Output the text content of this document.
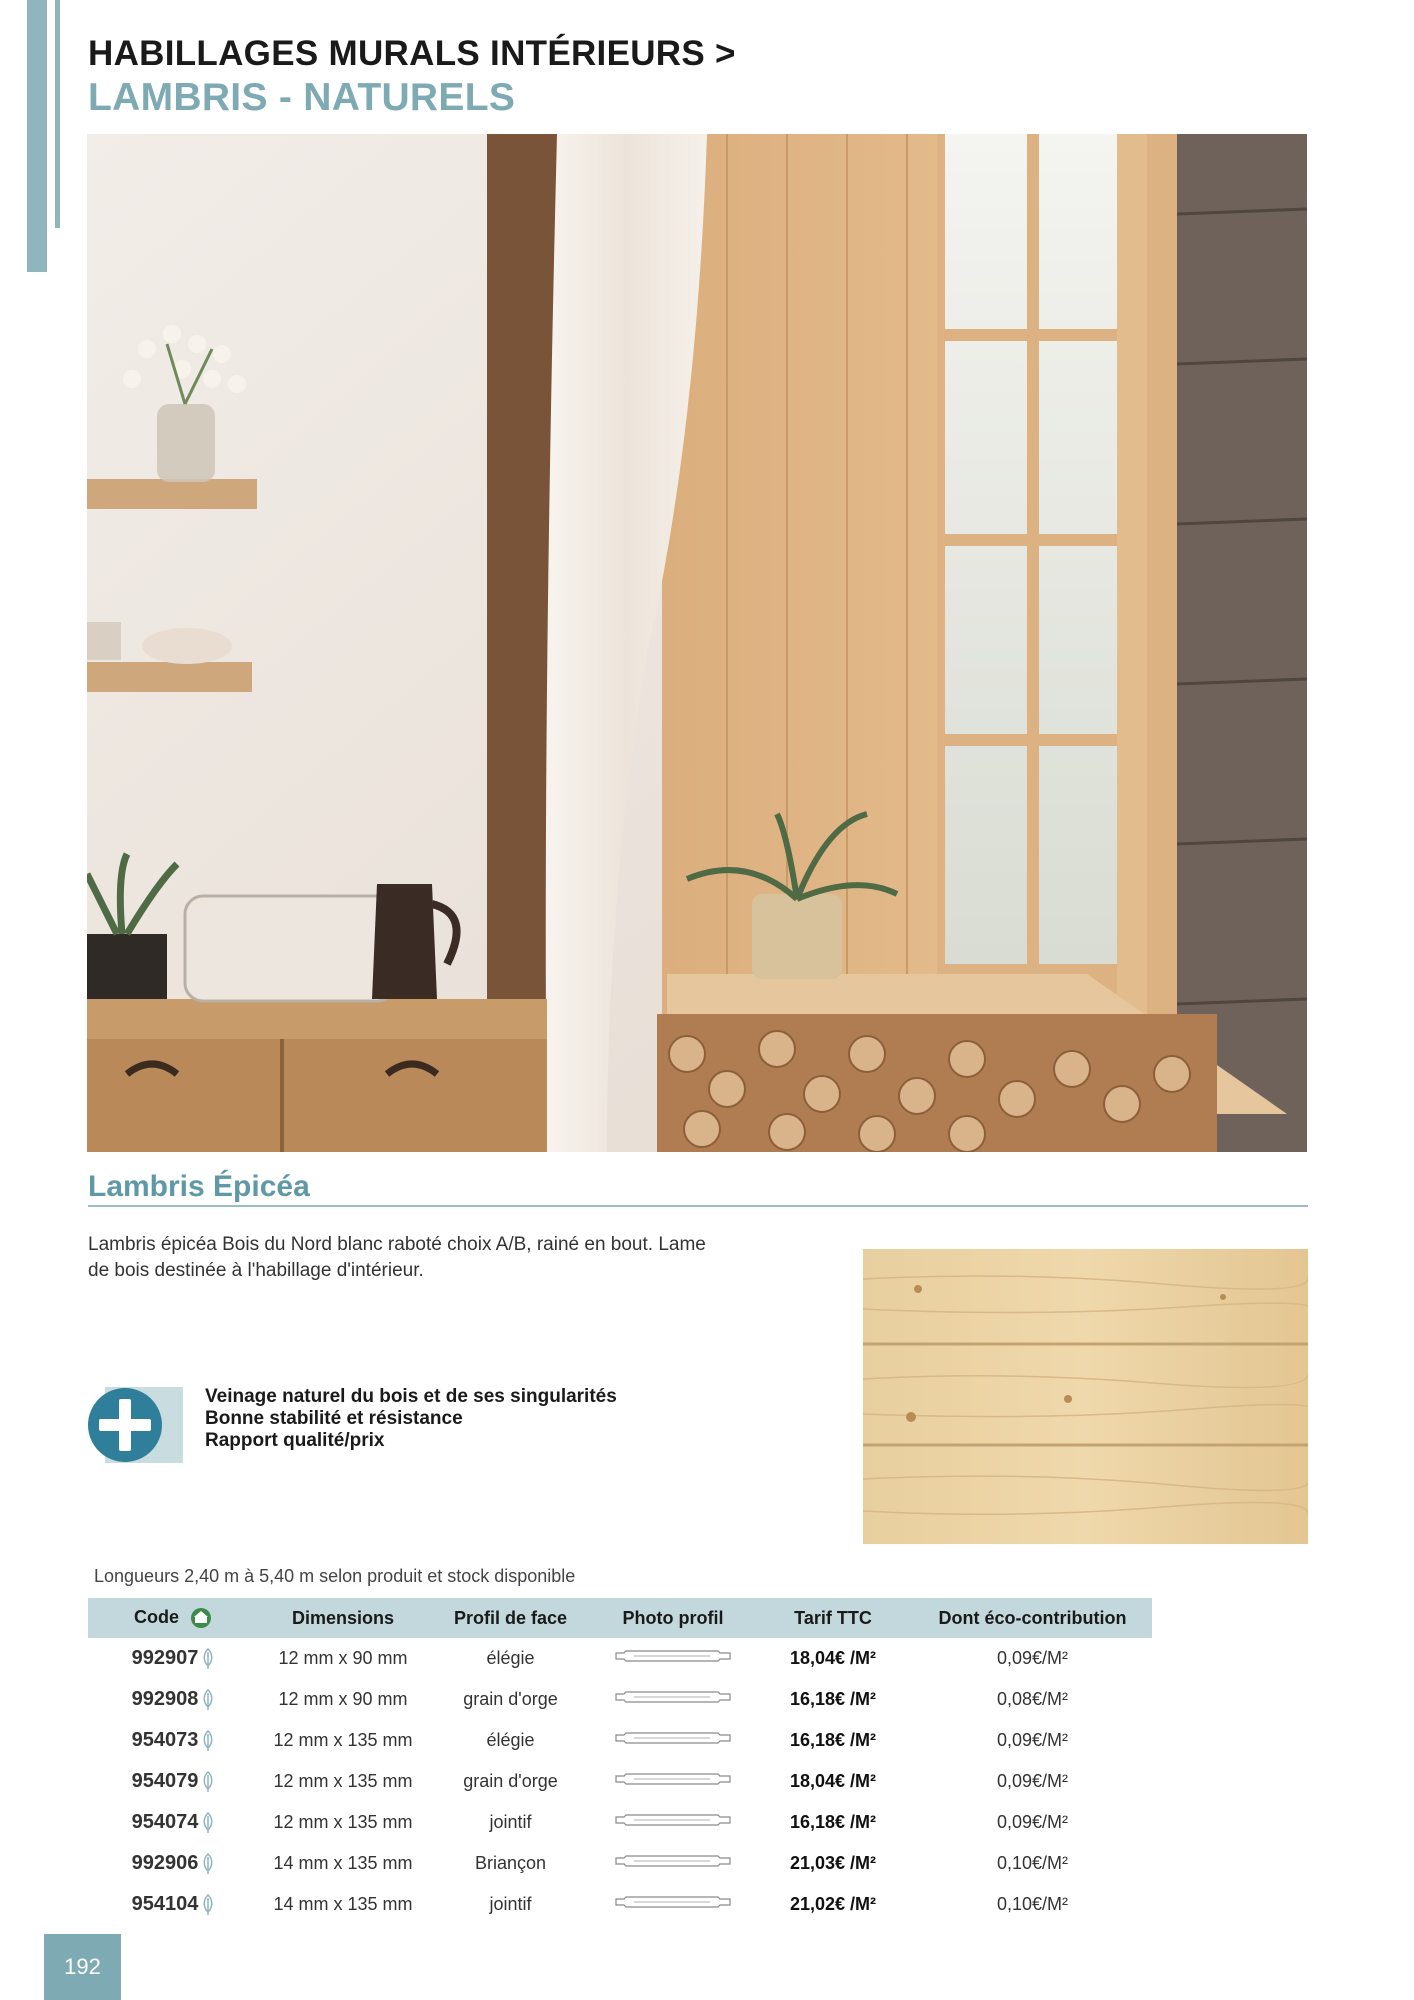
HABILLAGES MURALS INTÉRIEURS >
LAMBRIS - NATURELS
Lambris Épicéa
Lambris épicéa Bois du Nord blanc raboté choix A/B, rainé en bout. Lame de bois destinée à l'habillage d'intérieur.
Veinage naturel du bois et de ses singularités
Bonne stabilité et résistance
Rapport qualité/prix
Longueurs 2,40 m à 5,40 m selon produit et stock disponible
Code	Dimensions	Profil de face	Photo profil	Tarif TTC	Dont éco-contribution
992907	12 mm x 90 mm	élégie		18,04€ /M²	0,09€/M²
992908	12 mm x 90 mm	grain d'orge		16,18€ /M²	0,08€/M²
954073	12 mm x 135 mm	élégie		16,18€ /M²	0,09€/M²
954079	12 mm x 135 mm	grain d'orge		18,04€ /M²	0,09€/M²
954074	12 mm x 135 mm	jointif		16,18€ /M²	0,09€/M²
992906	14 mm x 135 mm	Briançon		21,03€ /M²	0,10€/M²
954104	14 mm x 135 mm	jointif		21,02€ /M²	0,10€/M²
192
